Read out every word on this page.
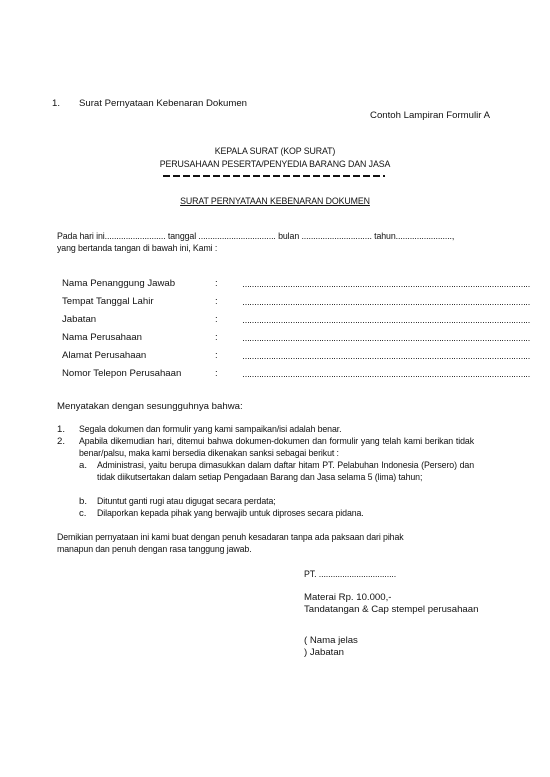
1. Surat Pernyataan Kebenaran Dokumen
Contoh Lampiran Formulir A
KEPALA SURAT (KOP SURAT)
PERUSAHAAN PESERTA/PENYEDIA BARANG DAN JASA
SURAT PERNYATAAN KEBENARAN DOKUMEN
Pada hari ini.......................... tanggal ................................. bulan .............................. tahun........................,
yang bertanda tangan di bawah ini, Kami :
Nama Penanggung Jawab	:
Tempat Tanggal Lahir	:
Jabatan	:
Nama Perusahaan	:
Alamat Perusahaan	:
Nomor Telepon Perusahaan	:
Menyatakan dengan sesungguhnya bahwa:
1. Segala dokumen dan formulir yang kami sampaikan/isi adalah benar.
2. Apabila dikemudian hari, ditemui bahwa dokumen-dokumen dan formulir yang telah kami berikan tidak benar/palsu, maka kami bersedia dikenakan sanksi sebagai berikut :
a. Administrasi, yaitu berupa dimasukkan dalam daftar hitam PT. Pelabuhan Indonesia (Persero) dan tidak diikutsertakan dalam setiap Pengadaan Barang dan Jasa selama 5 (lima) tahun;
b. Dituntut ganti rugi atau digugat secara perdata;
c. Dilaporkan kepada pihak yang berwajib untuk diproses secara pidana.
Demikian pernyataan ini kami buat dengan penuh kesadaran tanpa ada paksaan dari pihak
manapun dan penuh dengan rasa tanggung jawab.
PT. .................................
Materai Rp. 10.000,-
Tandatangan & Cap stempel perusahaan
( Nama jelas
) Jabatan
